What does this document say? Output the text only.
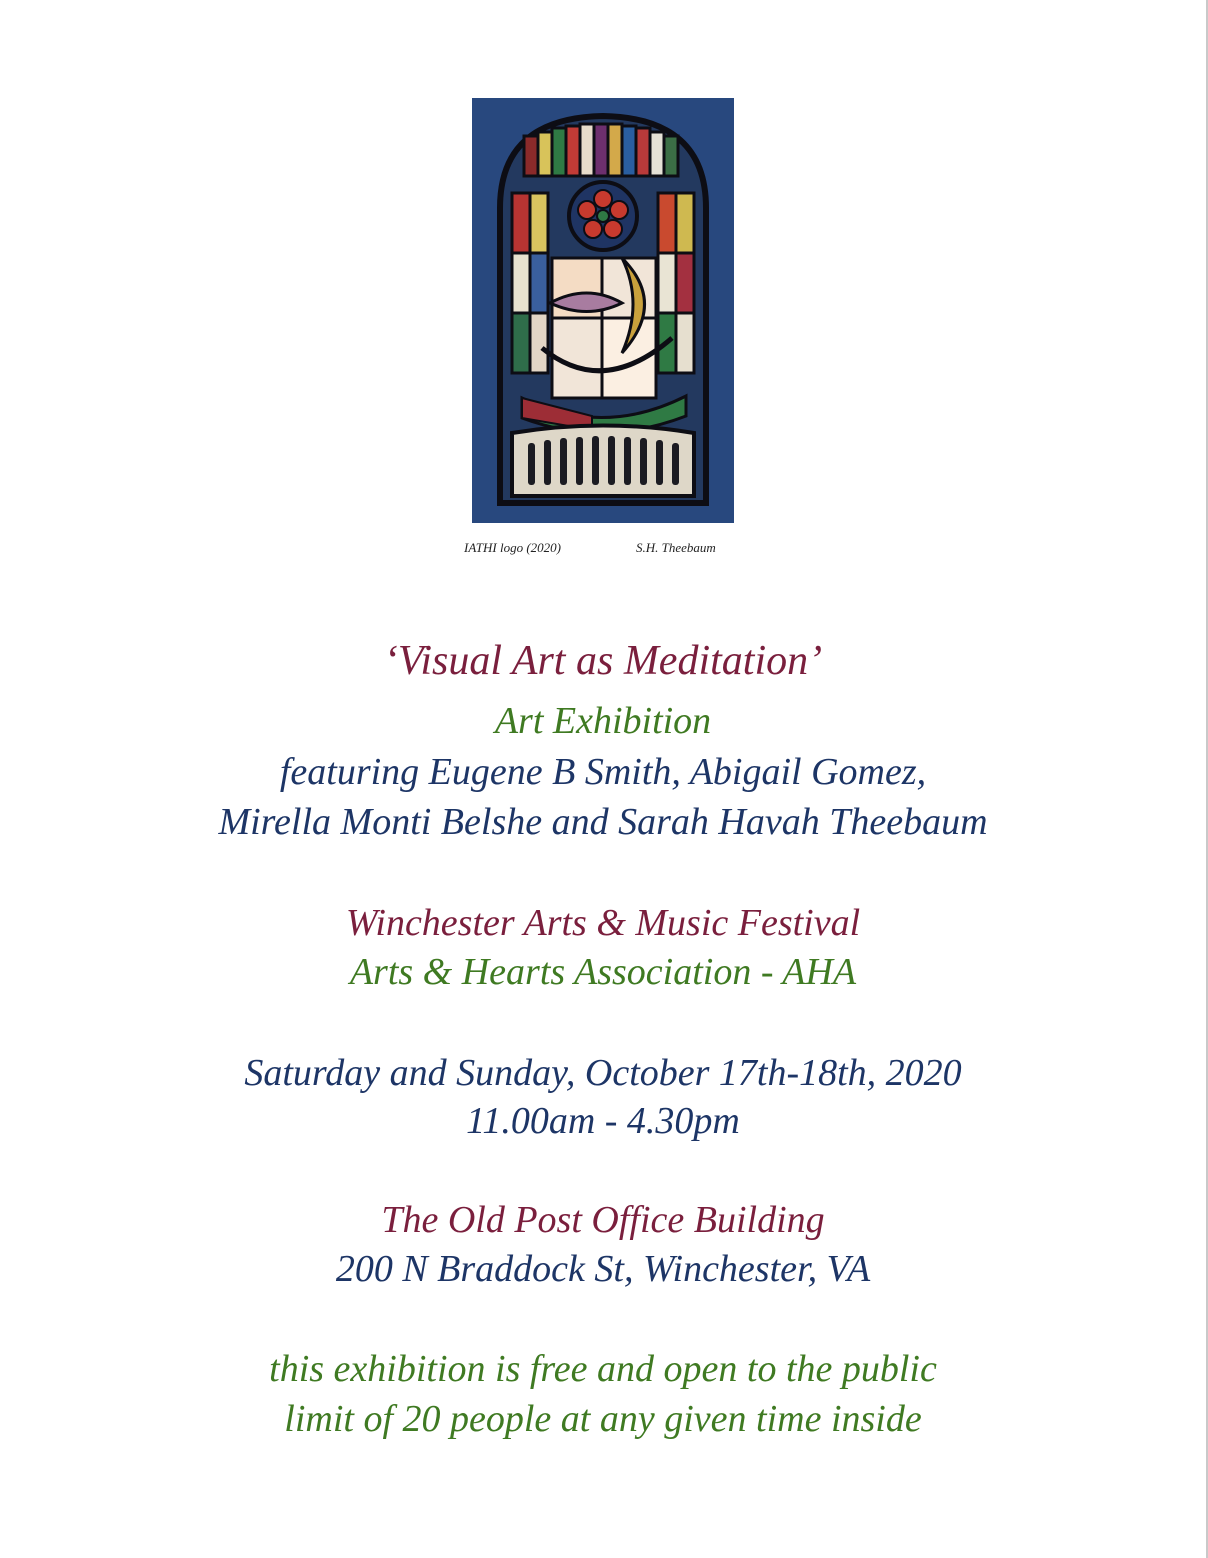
IATHI logo (2020)	S.H. Theebaum
‘Visual Art as Meditation’
Art Exhibition
featuring Eugene B Smith, Abigail Gomez,
Mirella Monti Belshe and Sarah Havah Theebaum
Winchester Arts & Music Festival
Arts & Hearts Association - AHA
Saturday and Sunday, October 17th-18th, 2020
11.00am - 4.30pm
The Old Post Office Building
200 N Braddock St, Winchester, VA
this exhibition is free and open to the public
limit of 20 people at any given time inside
